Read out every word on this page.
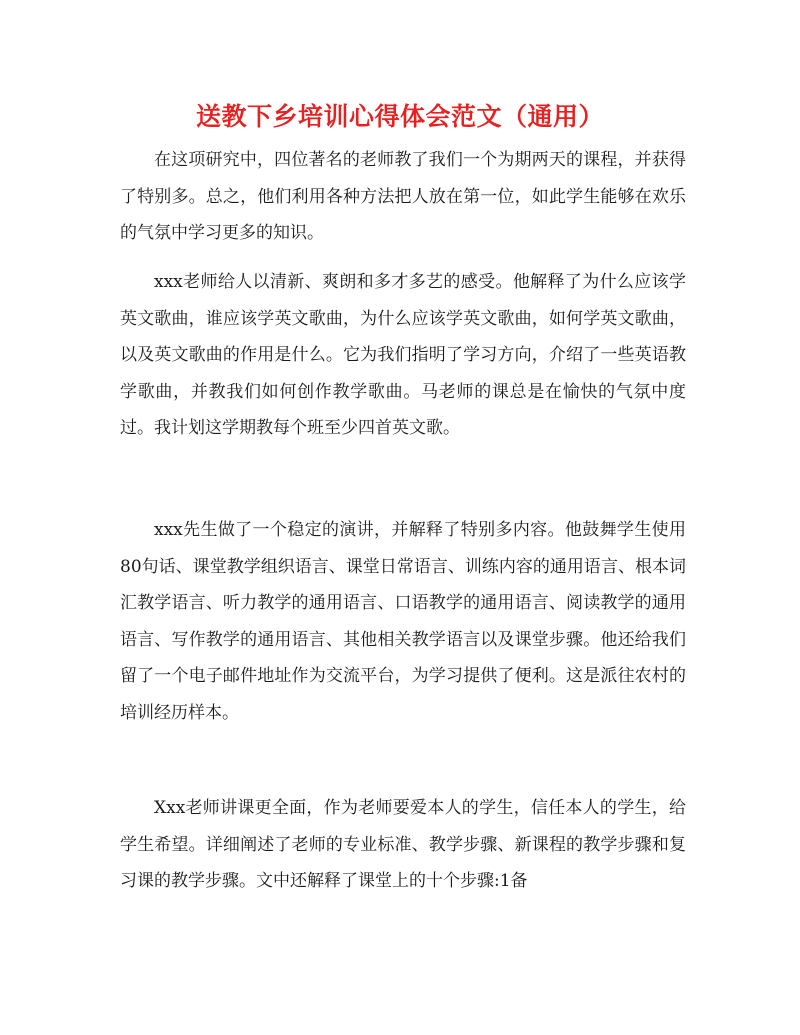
送教下乡培训心得体会范文（通用）

在这项研究中，四位著名的老师教了我们一个为期两天的课程，并获得了特别多。总之，他们利用各种方法把人放在第一位，如此学生能够在欢乐的气氛中学习更多的知识。

xxx老师给人以清新、爽朗和多才多艺的感受。他解释了为什么应该学英文歌曲，谁应该学英文歌曲，为什么应该学英文歌曲，如何学英文歌曲，以及英文歌曲的作用是什么。它为我们指明了学习方向，介绍了一些英语教学歌曲，并教我们如何创作教学歌曲。马老师的课总是在愉快的气氛中度过。我计划这学期教每个班至少四首英文歌。

xxx先生做了一个稳定的演讲，并解释了特别多内容。他鼓舞学生使用80句话、课堂教学组织语言、课堂日常语言、训练内容的通用语言、根本词汇教学语言、听力教学的通用语言、口语教学的通用语言、阅读教学的通用语言、写作教学的通用语言、其他相关教学语言以及课堂步骤。他还给我们留了一个电子邮件地址作为交流平台，为学习提供了便利。这是派往农村的培训经历样本。

Xxx老师讲课更全面，作为老师要爱本人的学生，信任本人的学生，给学生希望。详细阐述了老师的专业标准、教学步骤、新课程的教学步骤和复习课的教学步骤。文中还解释了课堂上的十个步骤:1备
